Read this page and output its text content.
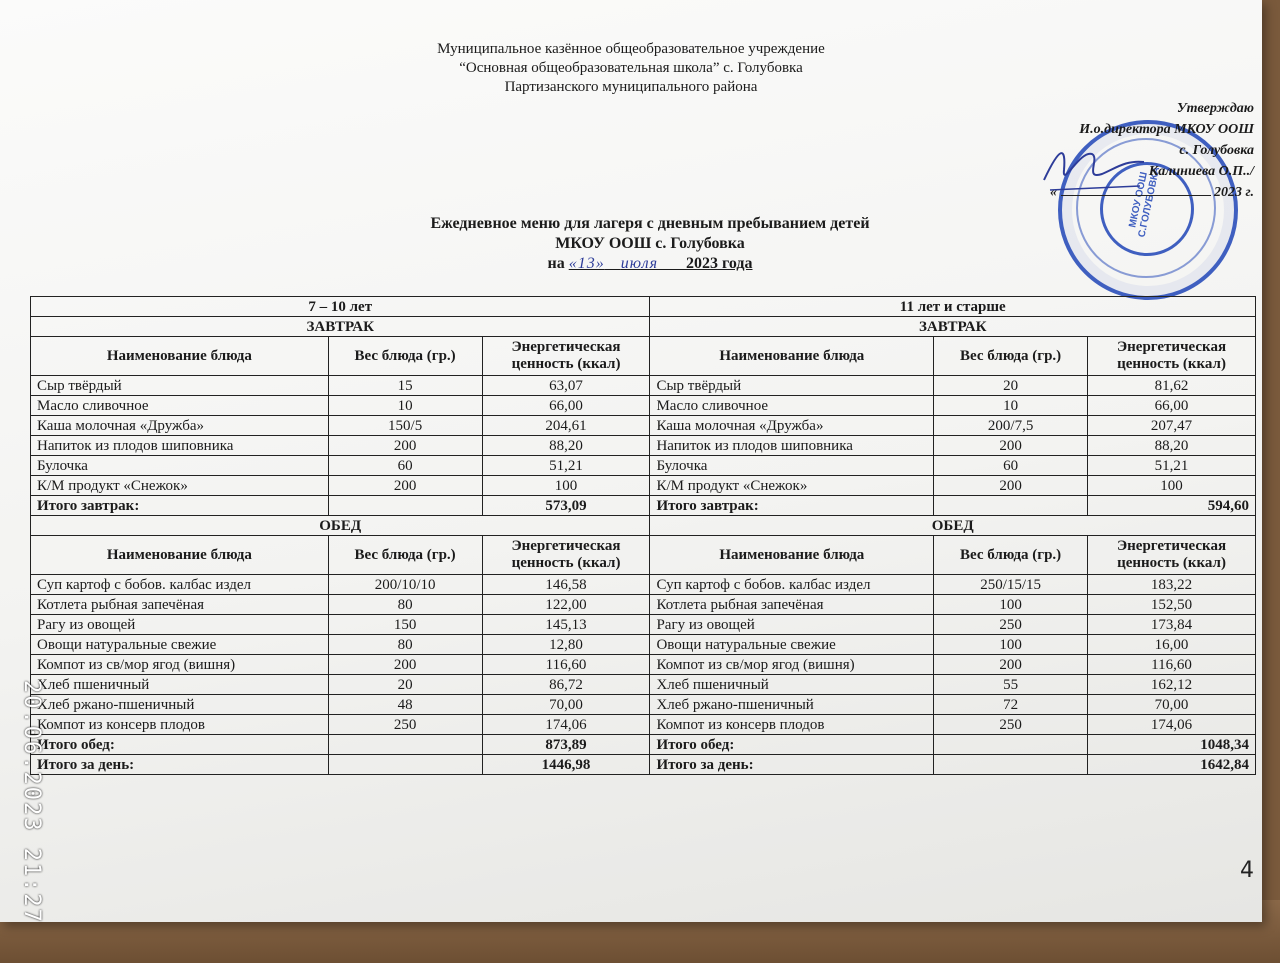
Муниципальное казённое общеобразовательное учреждение
“Основная общеобразовательная школа” с. Голубовка
Партизанского муниципального района
МКОУ ООШ С.ГОЛУБОВКА
Утверждаю
И.о.директора МКОУ ООШ
с. Голубовка
Калиниева О.П../
«	2023 г.
Ежедневное меню для лагеря с дневным пребыванием детей
МКОУ ООШ с. Голубовка
на «13» июля 2023 года
7 – 10 лет			11 лет и старше		
ЗАВТРАК			ЗАВТРАК		
Наименование блюда	Вес блюда (гр.)	Энергетическая ценность (ккал)	Наименование блюда	Вес блюда (гр.)	Энергетическая ценность (ккал)
Сыр твёрдый	15	63,07	Сыр твёрдый	20	81,62
Масло сливочное	10	66,00	Масло сливочное	10	66,00
Каша молочная «Дружба»	150/5	204,61	Каша молочная «Дружба»	200/7,5	207,47
Напиток из плодов шиповника	200	88,20	Напиток из плодов шиповника	200	88,20
Булочка	60	51,21	Булочка	60	51,21
К/М продукт «Снежок»	200	100	К/М продукт «Снежок»	200	100
Итого завтрак:		573,09	Итого завтрак:		594,60
ОБЕД			ОБЕД		
Наименование блюда	Вес блюда (гр.)	Энергетическая ценность (ккал)	Наименование блюда	Вес блюда (гр.)	Энергетическая ценность (ккал)
Суп картоф с бобов. калбас издел	200/10/10	146,58	Суп картоф с бобов. калбас издел	250/15/15	183,22
Котлета рыбная запечёная	80	122,00	Котлета рыбная запечёная	100	152,50
Рагу из овощей	150	145,13	Рагу из овощей	250	173,84
Овощи натуральные свежие	80	12,80	Овощи натуральные свежие	100	16,00
Компот из св/мор ягод (вишня)	200	116,60	Компот из св/мор ягод (вишня)	200	116,60
Хлеб пшеничный	20	86,72	Хлеб пшеничный	55	162,12
Хлеб ржано-пшеничный	48	70,00	Хлеб ржано-пшеничный	72	70,00
Компот из консерв плодов	250	174,06	Компот из консерв плодов	250	174,06
Итого обед:		873,89	Итого обед:		1048,34
Итого за день:		1446,98	Итого за день:		1642,84
4
20.06.2023 21:27
